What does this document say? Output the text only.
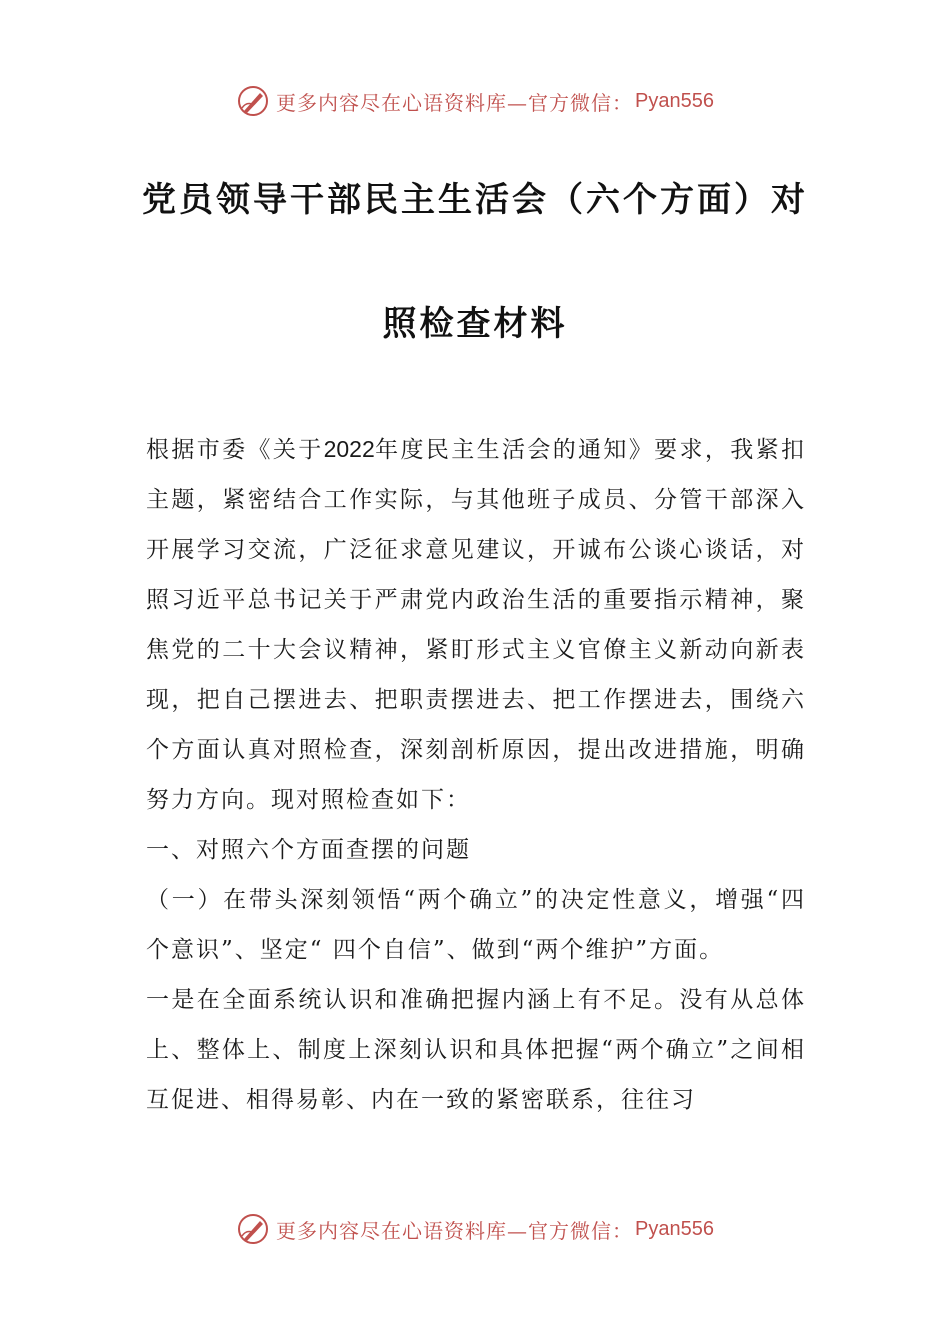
更多内容尽在心语资料库—官方微信： Pyan556
党员领导干部民主生活会（六个方面）对
照检查材料

根据市委《关于2022年度民主生活会的通知》要求，我紧扣主题，紧密结合工作实际，与其他班子成员、分管干部深入开展学习交流，广泛征求意见建议，开诚布公谈心谈话，对照习近平总书记关于严肃党内政治生活的重要指示精神，聚焦党的二十大会议精神，紧盯形式主义官僚主义新动向新表现，把自己摆进去、把职责摆进去、把工作摆进去，围绕六个方面认真对照检查，深刻剖析原因，提出改进措施，明确努力方向。现对照检查如下：

一、对照六个方面查摆的问题

（一）在带头深刻领悟“两个确立”的决定性意义，增强“四个意识”、坚定“ 四个自信”、做到“两个维护”方面。

一是在全面系统认识和准确把握内涵上有不足。没有从总体上、整体上、制度上深刻认识和具体把握“两个确立”之间相互促进、相得易彰、内在一致的紧密联系，往往习

更多内容尽在心语资料库—官方微信： Pyan556
